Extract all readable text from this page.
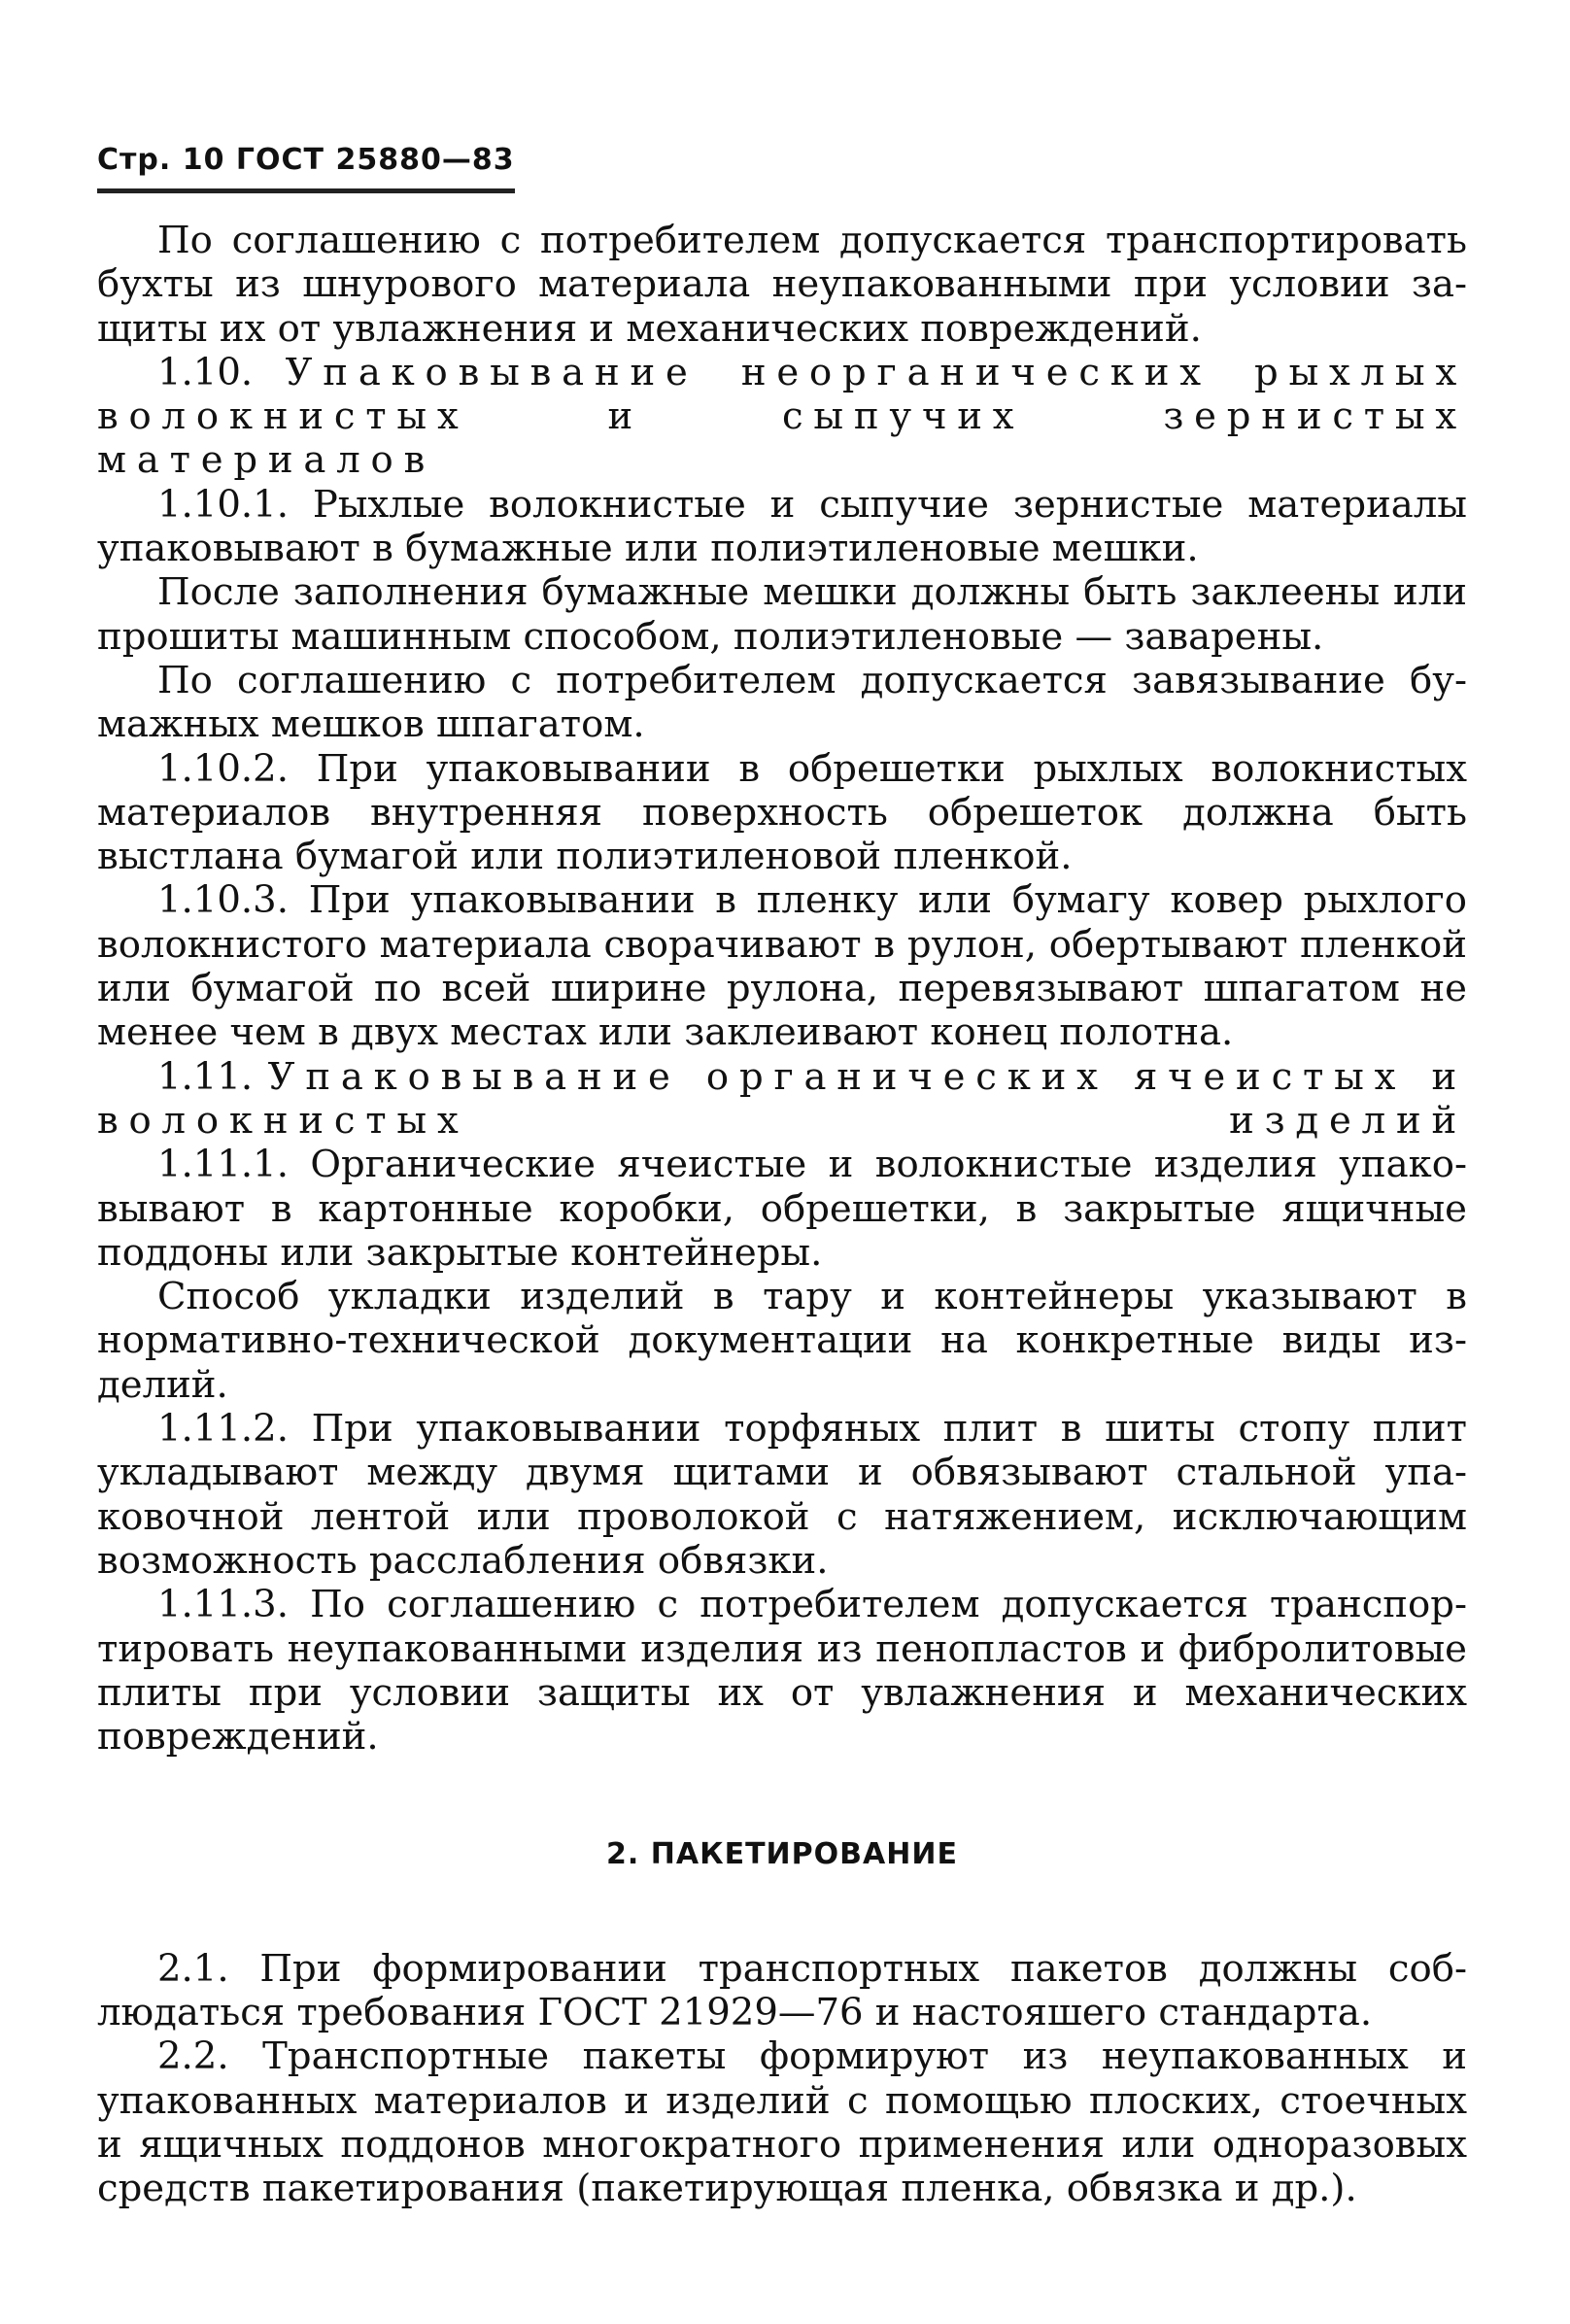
Стр. 10 ГОСТ 25880—83

По соглашению с потребителем допускается транспортировать бухты из шнурового материала неупакованными при условии защиты их от увлажнения и механических повреждений.

1.10. Упаковывание неорганических рыхлых волокнистых и сыпучих зернистых материалов

1.10.1. Рыхлые волокнистые и сыпучие зернистые материалы упаковывают в бумажные или полиэтиленовые мешки.

После заполнения бумажные мешки должны быть заклеены или прошиты машинным способом, полиэтиленовые — заварены.

По соглашению с потребителем допускается завязывание бумажных мешков шпагатом.

1.10.2. При упаковывании в обрешетки рыхлых волокнистых материалов внутренняя поверхность обрешеток должна быть выстлана бумагой или полиэтиленовой пленкой.

1.10.3. При упаковывании в пленку или бумагу ковер рыхлого волокнистого материала сворачивают в рулон, обертывают пленкой или бумагой по всей ширине рулона, перевязывают шпагатом не менее чем в двух местах или заклеивают конец полотна.

1.11. Упаковывание органических ячеистых и волокнистых изделий

1.11.1. Органические ячеистые и волокнистые изделия упаковывают в картонные коробки, обрешетки, в закрытые ящичные поддоны или закрытые контейнеры.

Способ укладки изделий в тару и контейнеры указывают в нормативно-технической документации на конкретные виды изделий.

1.11.2. При упаковывании торфяных плит в шиты стопу плит укладывают между двумя щитами и обвязывают стальной упаковочной лентой или проволокой с натяжением, исключающим возможность расслабления обвязки.

1.11.3. По соглашению с потребителем допускается транспортировать неупакованными изделия из пенопластов и фибролитовые плиты при условии защиты их от увлажнения и механических повреждений.

2. ПАКЕТИРОВАНИЕ

2.1. При формировании транспортных пакетов должны соблюдаться требования ГОСТ 21929—76 и настояшего стандарта.

2.2. Транспортные пакеты формируют из неупакованных и упакованных материалов и изделий с помощью плоских, стоечных и ящичных поддонов многократного применения или одноразовых средств пакетирования (пакетирующая пленка, обвязка и др.).
